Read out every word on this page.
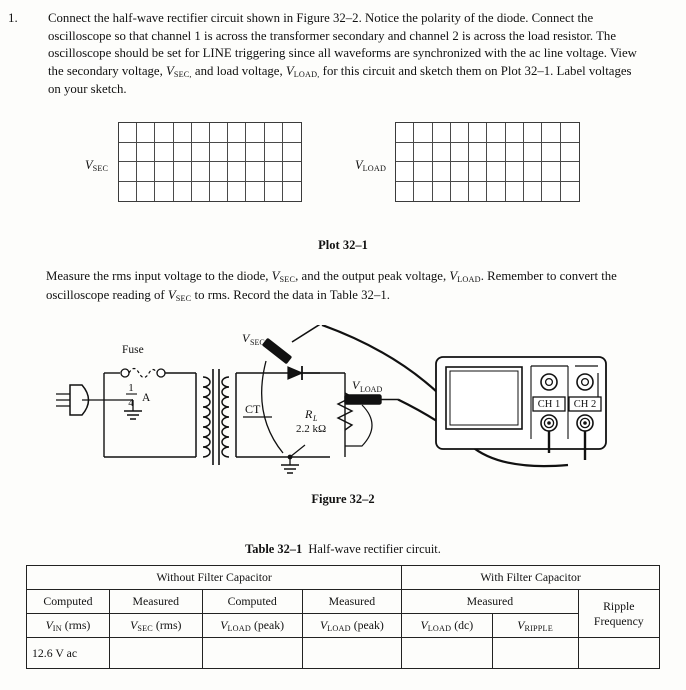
1. Connect the half-wave rectifier circuit shown in Figure 32–2. Notice the polarity of the diode. Connect the oscilloscope so that channel 1 is across the transformer secondary and channel 2 is across the load resistor. The oscilloscope should be set for LINE triggering since all waveforms are synchronized with the ac line voltage. View the secondary voltage, $V_{SEC,}$ and load voltage, $V_{LOAD,}$ for this circuit and sketch them on Plot 32–1. Label voltages on your sketch.
$V_{SEC}$	$V_{LOAD}$
Plot 32–1
Measure the rms input voltage to the diode, $V_{SEC}$, and the output peak voltage, $V_{LOAD}$. Remember to convert the oscilloscope reading of $V_{SEC}$ to rms. Record the data in Table 32–1.
Fuse
1
4 A
CT
V SEC
V LOAD
R L
2.2 kΩ
CH 1 CH 2
Figure 32–2
Table 32–1 Half-wave rectifier circuit.
Without Filter Capacitor				With Filter Capacitor		
Computed	Measured	Computed	Measured	Measured		Ripple
Frequency
$V_{IN}$ (rms)	$V_{SEC}$ (rms)	$V_{LOAD}$ (peak)	$V_{LOAD}$ (peak)	$V_{LOAD}$ (dc)	$V_{RIPPLE}$
12.6 V ac						
